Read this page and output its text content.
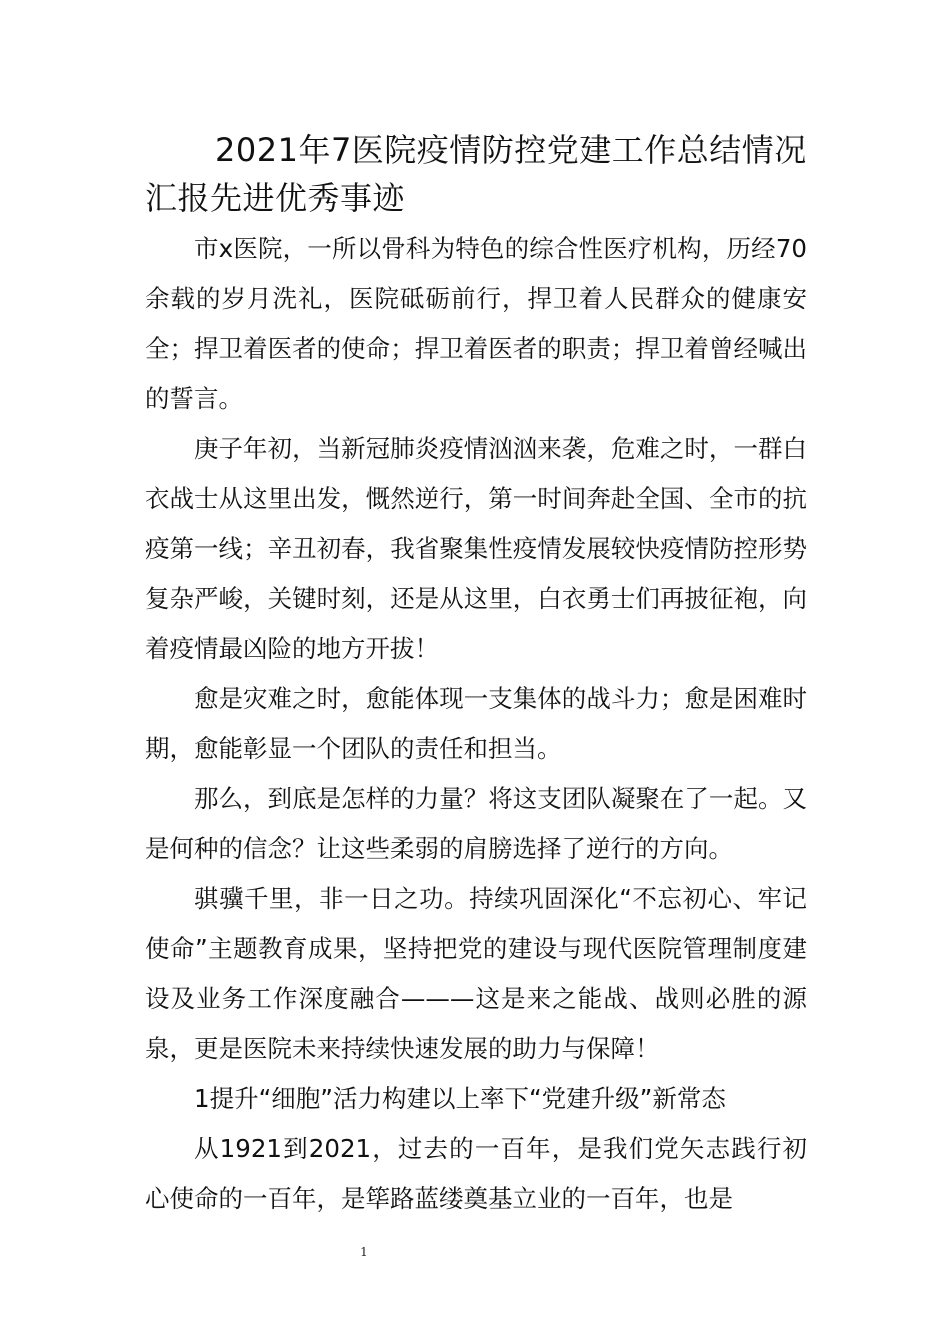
2021年7医院疫情防控党建工作总结情况汇报先进优秀事迹

市x医院，一所以骨科为特色的综合性医疗机构，历经70余载的岁月洗礼，医院砥砺前行，捍卫着人民群众的健康安全；捍卫着医者的使命；捍卫着医者的职责；捍卫着曾经喊出的誓言。

庚子年初，当新冠肺炎疫情汹汹来袭，危难之时，一群白衣战士从这里出发，慨然逆行，第一时间奔赴全国、全市的抗疫第一线；辛丑初春，我省聚集性疫情发展较快疫情防控形势复杂严峻，关键时刻，还是从这里，白衣勇士们再披征袍，向着疫情最凶险的地方开拔！

愈是灾难之时，愈能体现一支集体的战斗力；愈是困难时期，愈能彰显一个团队的责任和担当。

那么，到底是怎样的力量？将这支团队凝聚在了一起。又是何种的信念？让这些柔弱的肩膀选择了逆行的方向。

骐骥千里，非一日之功。持续巩固深化“不忘初心、牢记使命”主题教育成果，坚持把党的建设与现代医院管理制度建设及业务工作深度融合———这是来之能战、战则必胜的源泉，更是医院未来持续快速发展的助力与保障！

1提升“细胞”活力构建以上率下“党建升级”新常态

从1921到2021，过去的一百年，是我们党矢志践行初心使命的一百年，是筚路蓝缕奠基立业的一百年，也是

1
